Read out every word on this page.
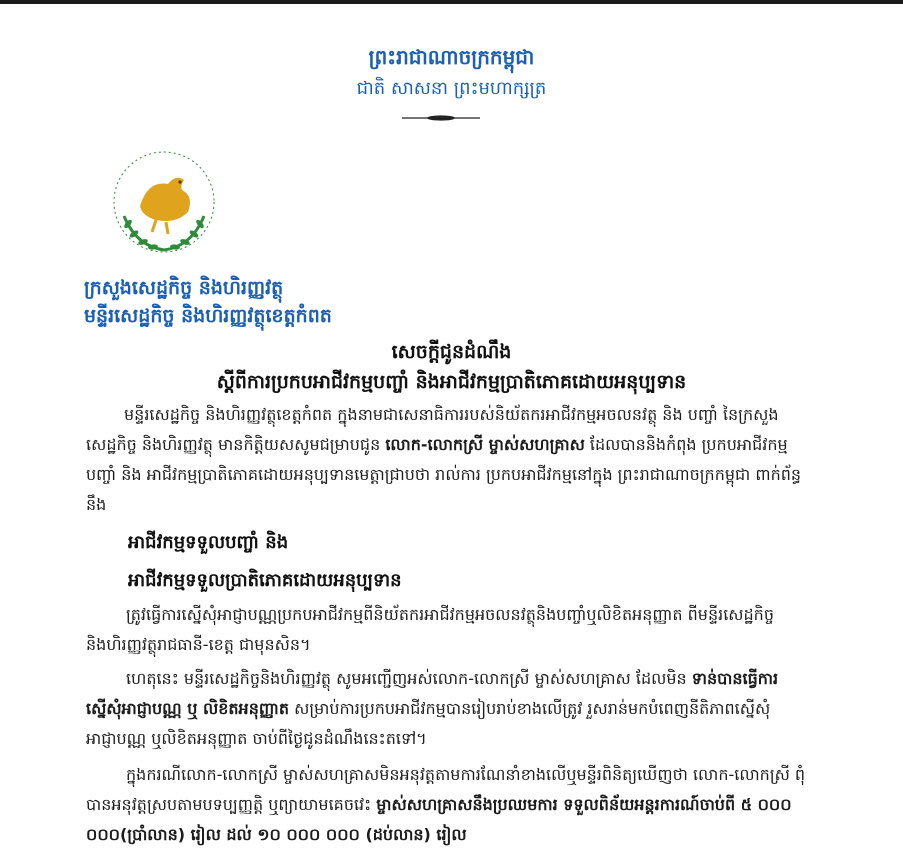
ព្រះរាជាណាចក្រកម្ពុជា
ជាតិ សាសនា ព្រះមហាក្សត្រ
ក្រសួងសេដ្ឋកិច្ច និងហិរញ្ញវត្ថុ
មន្ទីរសេដ្ឋកិច្ច និងហិរញ្ញវត្ថុខេត្តកំពត
សេចក្ដីជូនដំណឹង
ស្ដីពីការប្រកបអាជីវកម្មបញ្ចាំ និងអាជីវកម្មប្រាតិភោគដោយអនុប្បទាន
មន្ទីរសេដ្ឋកិច្ច និងហិរញ្ញវត្ថុខេត្តកំពត ក្នុងនាមជាសេនាធិការរបស់និយ័តករអាជីវកម្មអចលនវត្ថុ និង បញ្ចាំ នៃក្រសួងសេដ្ឋកិច្ច និងហិរញ្ញវត្ថុ មានកិត្តិយសសូមជម្រាបជូន លោក-លោកស្រី ម្ចាស់សហគ្រាស ដែលបាននិងកំពុង ប្រកបអាជីវកម្មបញ្ចាំ និង អាជីវកម្មប្រាតិភោគដោយអនុប្បទានមេត្តាជ្រាបថា រាល់ការ ប្រកបអាជីវកម្មនៅក្នុង ព្រះរាជាណាចក្រកម្ពុជា ពាក់ព័ន្ធនឹង
អាជីវកម្មទទួលបញ្ចាំ និង
អាជីវកម្មទទួលប្រាតិភោគដោយអនុប្បទាន
ត្រូវធ្វើការស្នើសុំអាជ្ញាបណ្ណប្រកបអាជីវកម្មពីនិយ័តករអាជីវកម្មអចលនវត្ថុនិងបញ្ចាំឬលិខិតអនុញ្ញាត ពីមន្ទីរសេដ្ឋកិច្ច និងហិរញ្ញវត្ថុរាជធានី-ខេត្ត ជាមុនសិន។
ហេតុនេះ មន្ទីរសេដ្ឋកិច្ចនិងហិរញ្ញវត្ថុ សូមអញ្ជើញអស់លោក-លោកស្រី ម្ចាស់សហគ្រាស ដែលមិន ទាន់បានធ្វើការស្នើសុំអាជ្ញាបណ្ណ ឬ លិខិតអនុញ្ញាត សម្រាប់ការប្រកបអាជីវកម្មបានរៀបរាប់ខាងលើត្រូវ រួសរាន់មកបំពេញនីតិភាពស្នើសុំ អាជ្ញាបណ្ណ ឬលិខិតអនុញ្ញាត ចាប់ពីថ្ងៃជូនដំណឹងនេះតទៅ។
ក្នុងករណីលោក-លោកស្រី ម្ចាស់សហគ្រាសមិនអនុវត្តតាមការណែនាំខាងលើឬមន្ទីរពិនិត្យឃើញថា លោក-លោកស្រី ពុំបានអនុវត្តស្របតាមបទប្បញ្ញត្តិ ឬព្យាយាមគេចវេះ ម្ចាស់សហគ្រាសនឹងប្រឈមការ ទទួលពិន័យអន្តរការណ៍ចាប់ពី ៥ ០០០ ០០០(ប្រាំលាន) រៀល ដល់ ១០ ០០០ ០០០ (ដប់លាន) រៀល
